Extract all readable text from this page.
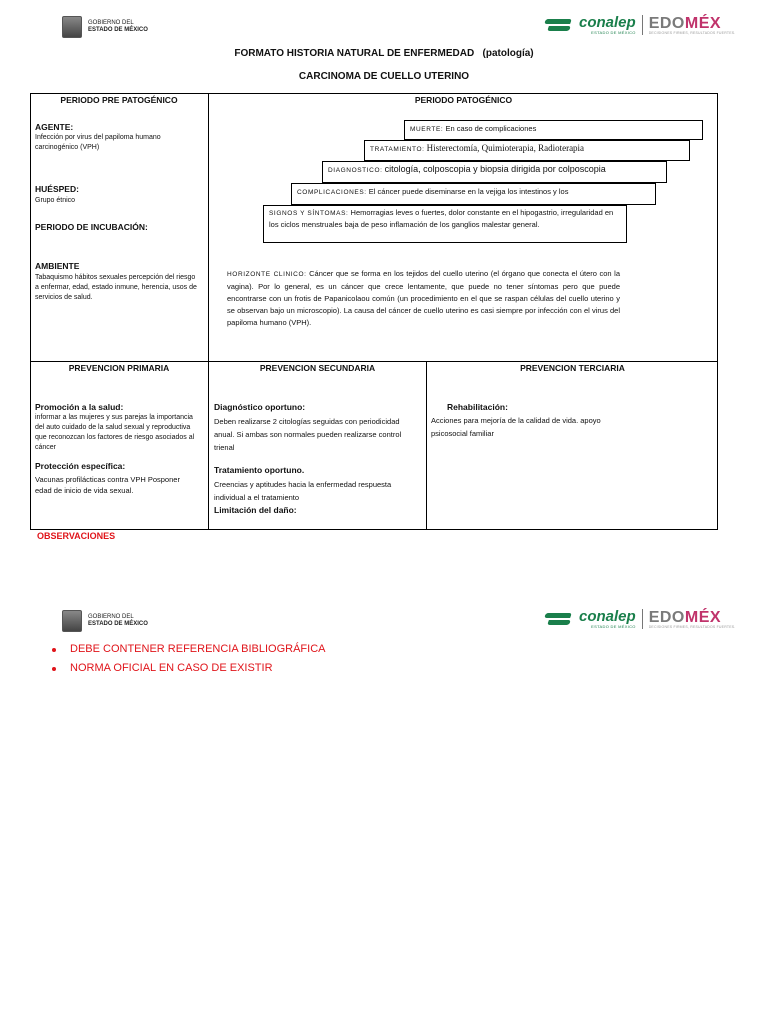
GOBIERNO DEL
ESTADO DE MÉXICO	conalep
ESTADO DE MÉXICO
EDOMÉX
DECISIONES FIRMES, RESULTADOS FUERTES.
FORMATO HISTORIA NATURAL DE ENFERMEDAD (patología)
CARCINOMA DE CUELLO UTERINO
PERIODO PRE PATOGÉNICO
AGENTE:
Infección por virus del papiloma humano carcinogénico (VPH)
HUÉSPED:
Grupo étnico
PERIODO DE INCUBACIÓN:
AMBIENTE
Tabaquismo hábitos sexuales percepción del riesgo a enfermar, edad, estado inmune, herencia, usos de servicios de salud.
PERIODO PATOGÉNICO
MUERTE: En caso de complicaciones
TRATAMIENTO: Histerectomía, Quimioterapia, Radioterapia
DIAGNOSTICO: citología, colposcopia y biopsia dirigida por colposcopia
COMPLICACIONES: El cáncer puede diseminarse en la vejiga los intestinos y los
SIGNOS Y SÍNTOMAS: Hemorragias leves o fuertes, dolor constante en el hipogastrio, irregularidad en los ciclos menstruales baja de peso inflamación de los ganglios malestar general.
HORIZONTE CLINICO: Cáncer que se forma en los tejidos del cuello uterino (el órgano que conecta el útero con la vagina). Por lo general, es un cáncer que crece lentamente, que puede no tener síntomas pero que puede encontrarse con un frotis de Papanicolaou común (un procedimiento en el que se raspan células del cuello uterino y se observan bajo un microscopio). La causa del cáncer de cuello uterino es casi siempre por infección con el virus del papiloma humano (VPH).
PREVENCION PRIMARIA	PREVENCION SECUNDARIA	PREVENCION TERCIARIA
Promoción a la salud:
informar a las mujeres y sus parejas la importancia del auto cuidado de la salud sexual y reproductiva que reconozcan los factores de riesgo asociados al cáncer
Protección específica:
Vacunas profilácticas contra VPH Posponer edad de inicio de vida sexual.
Diagnóstico oportuno:
Deben realizarse 2 citologías seguidas con periodicidad anual. Si ambas son normales pueden realizarse control trienal
Tratamiento oportuno.
Creencias y aptitudes hacia la enfermedad respuesta individual a el tratamiento
Limitación del daño:
Rehabilitación:
Acciones para mejoría de la calidad de vida. apoyo psicosocial familiar
OBSERVACIONES
GOBIERNO DEL
ESTADO DE MÉXICO	conalep
ESTADO DE MÉXICO
EDOMÉX
DECISIONES FIRMES, RESULTADOS FUERTES.
DEBE CONTENER REFERENCIA BIBLIOGRÁFICA
NORMA OFICIAL EN CASO DE EXISTIR
